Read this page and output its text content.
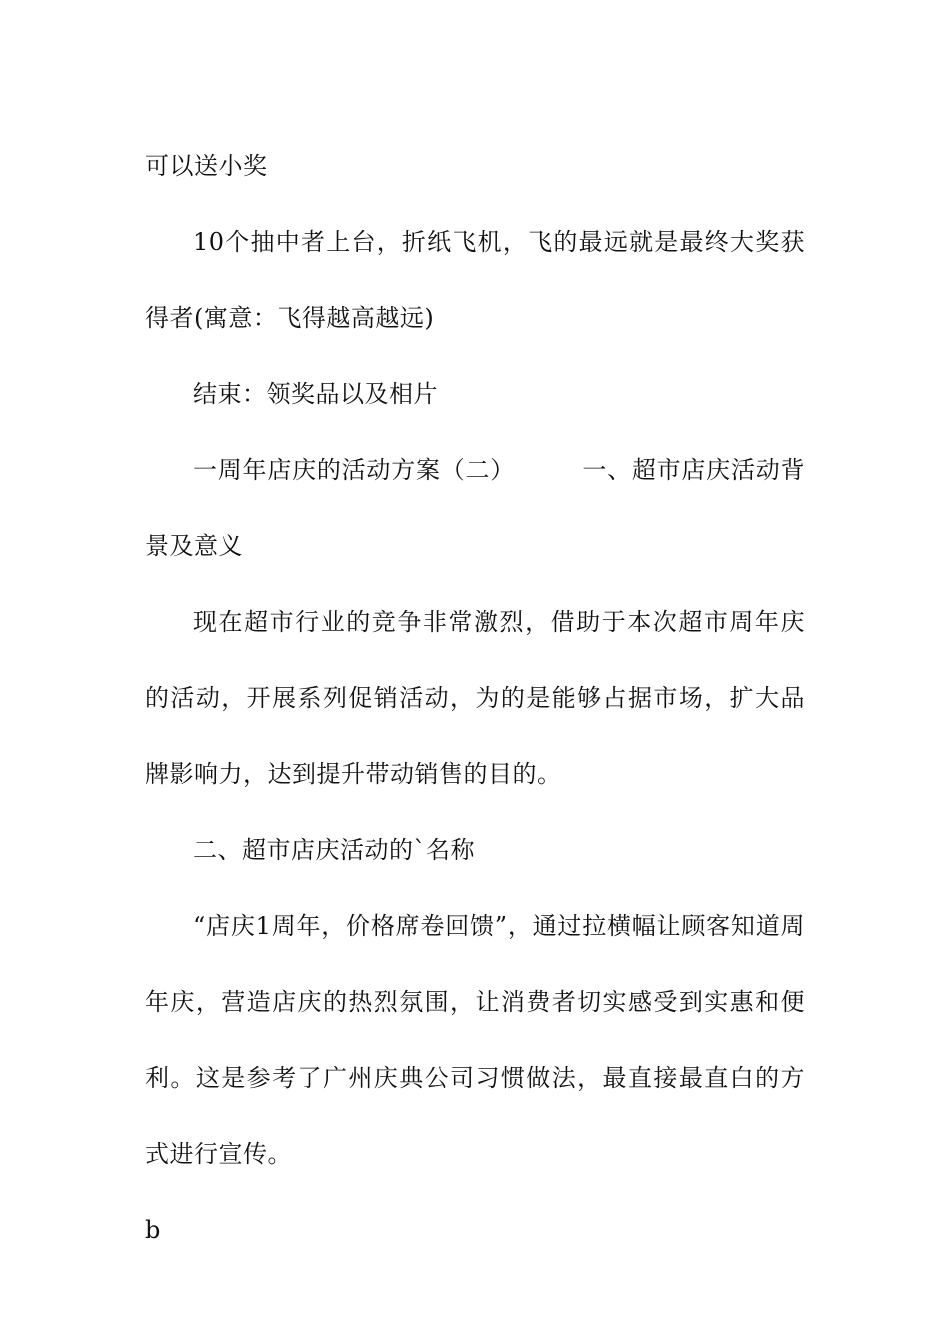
可以送小奖

10个抽中者上台，折纸飞机，飞的最远就是最终大奖获得者(寓意：飞得越高越远)

结束：领奖品以及相片

一周年店庆的活动方案（二）	一、超市店庆活动背景及意义

现在超市行业的竞争非常激烈，借助于本次超市周年庆的活动，开展系列促销活动，为的是能够占据市场，扩大品牌影响力，达到提升带动销售的目的。

二、超市店庆活动的`名称

“店庆1周年，价格席卷回馈”，通过拉横幅让顾客知道周年庆，营造店庆的热烈氛围，让消费者切实感受到实惠和便利。这是参考了广州庆典公司习惯做法，最直接最直白的方式进行宣传。

b
